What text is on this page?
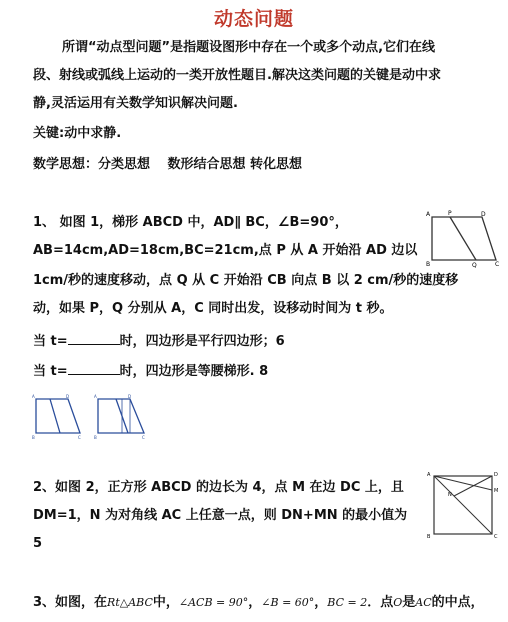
动态问题
所谓“动点型问题”是指题设图形中存在一个或多个动点,它们在线
段、射线或弧线上运动的一类开放性题目.解决这类问题的关键是动中求
静,灵活运用有关数学知识解决问题.
关键:动中求静.
数学思想：分类思想　 数形结合思想 转化思想
1、 如图 1，梯形 ABCD 中，AD∥ BC，∠B=90°，
AB=14cm,AD=18cm,BC=21cm,点 P 从 A 开始沿 AD 边以
1cm/秒的速度移动，点 Q 从 C 开始沿 CB 向点 B 以 2 cm/秒的速度移
动，如果 P，Q 分别从 A，C 同时出发，设移动时间为 t 秒。
当 t=	时，四边形是平行四边形；6
当 t=	时，四边形是等腰梯形. 8
A	P	D
B	Q	C
A	D
B	C
A	D
B	C
2、如图 2，正方形 ABCD 的边长为 4，点 M 在边 DC 上，且
DM=1，N 为对角线 AC 上任意一点，则 DN+MN 的最小值为
5
A	D
M
N
B	C
3、如图，在Rt△ABC中，∠ACB = 90°，∠B = 60°，BC = 2．点O是AC的中点，
